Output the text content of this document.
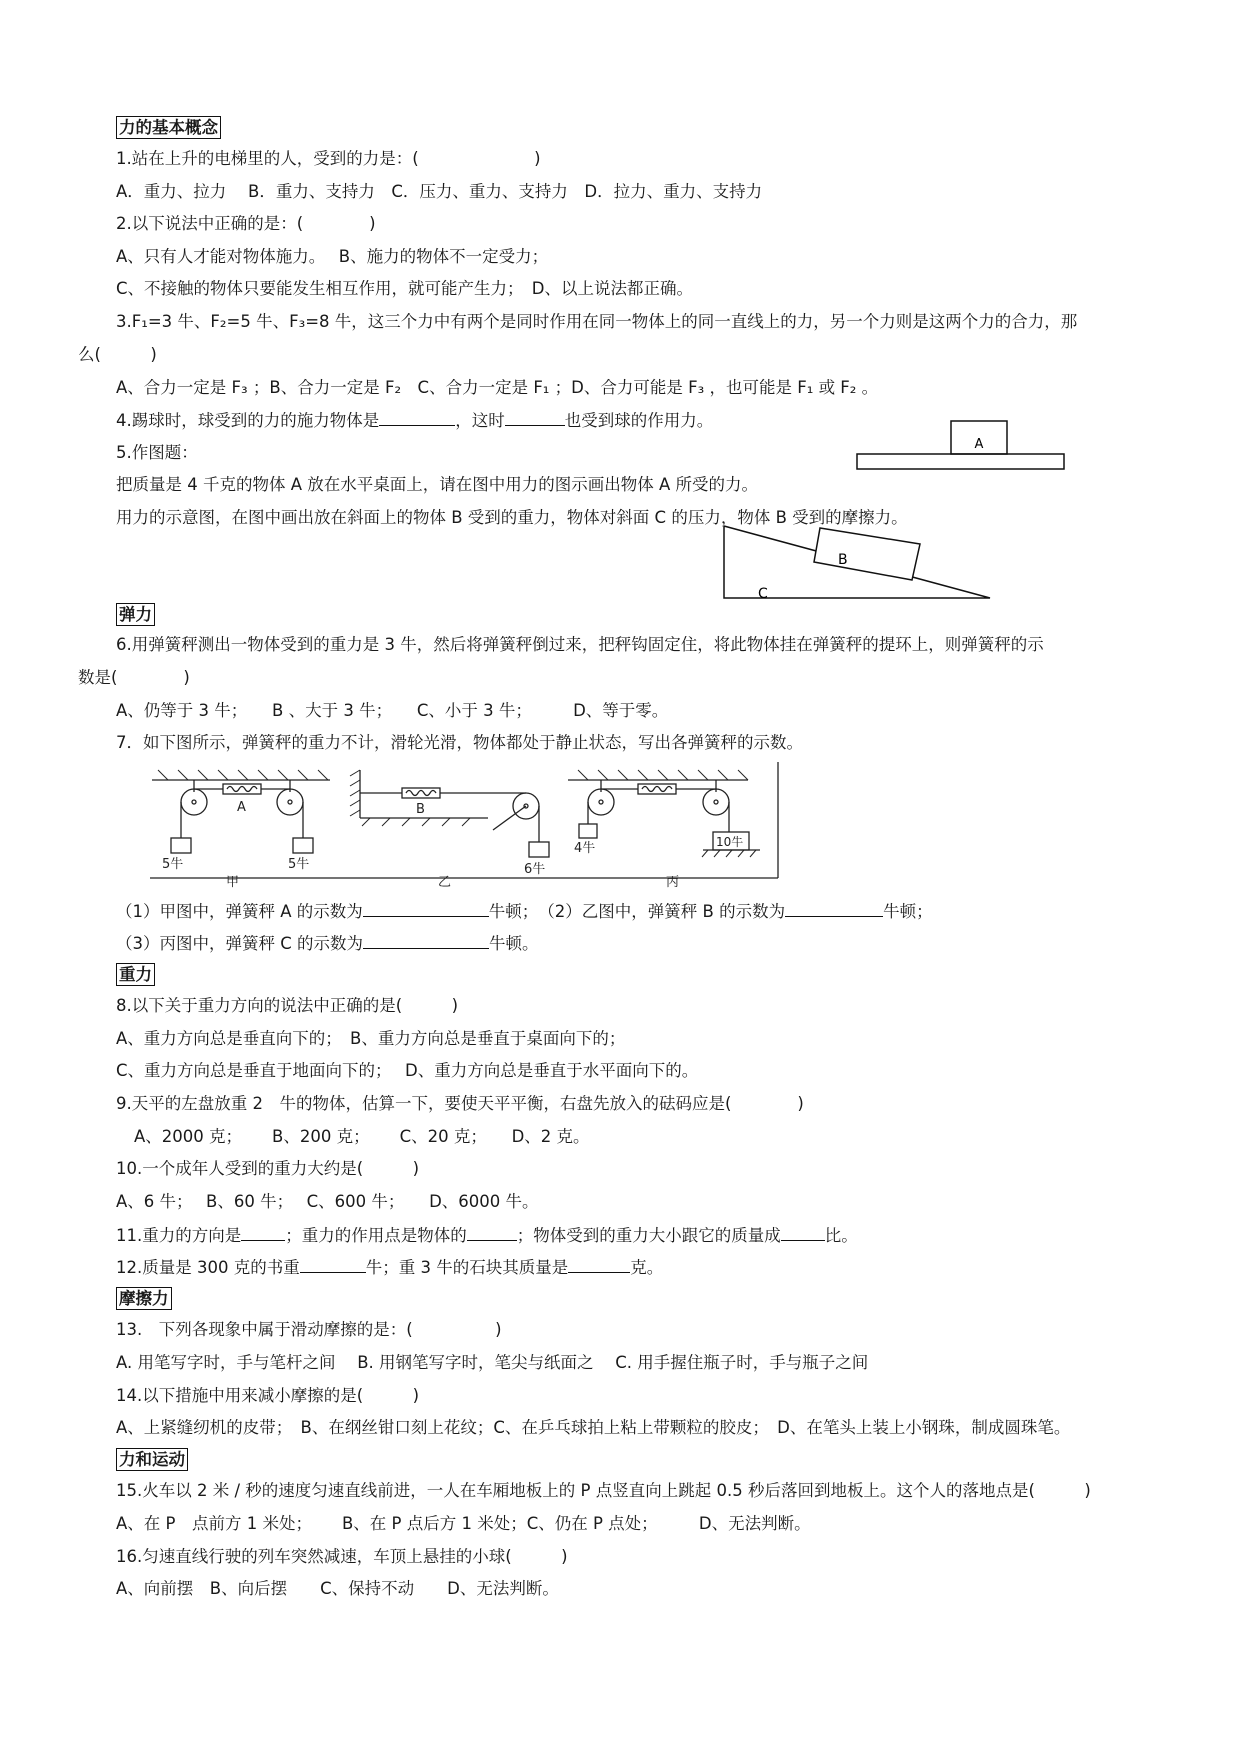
力的基本概念
1.站在上升的电梯里的人，受到的力是：(　　　　　　　)
A．重力、拉力　 B．重力、支持力　C．压力、重力、支持力　D．拉力、重力、支持力
2.以下说法中正确的是：(　　　　)
A、只有人才能对物体施力。　 B、施力的物体不一定受力；
C、不接触的物体只要能发生相互作用，就可能产生力；　D、以上说法都正确。
3.F₁=3 牛、F₂=5 牛、F₃=8 牛，这三个力中有两个是同时作用在同一物体上的同一直线上的力，另一个力则是这两个力的合力，那
么(　　　)
A、合力一定是 F₃ ；B、合力一定是 F₂　C、合力一定是 F₁ ；D、合力可能是 F₃ ，也可能是 F₁ 或 F₂ 。
4.踢球时，球受到的力的施力物体是	，这时	也受到球的作用力。
5.作图题：
把质量是 4 千克的物体 A 放在水平桌面上，请在图中用力的图示画出物体 A 所受的力。
用力的示意图，在图中画出放在斜面上的物体 B 受到的重力，物体对斜面 C 的压力，物体 B 受到的摩擦力。
A
B
C
弹力
6.用弹簧秤测出一物体受到的重力是 3 牛，然后将弹簧秤倒过来，把秤钩固定住，将此物体挂在弹簧秤的提环上，则弹簧秤的示
数是(　　　　)
A、仍等于 3 牛；　　B 、大于 3 牛；　　C、小于 3 牛；　　　D、等于零。
7．如下图所示，弹簧秤的重力不计，滑轮光滑，物体都处于静止状态，写出各弹簧秤的示数。
A	B
5牛	5牛	6牛
4牛	10牛
甲	乙	丙
（1）甲图中，弹簧秤 A 的示数为	牛顿；　（2）乙图中，弹簧秤 B 的示数为	牛顿；
（3）丙图中，弹簧秤 C 的示数为	牛顿。
重力
8.以下关于重力方向的说法中正确的是(　　　)
A、重力方向总是垂直向下的；　B、重力方向总是垂直于桌面向下的；
C、重力方向总是垂直于地面向下的；　 D、重力方向总是垂直于水平面向下的。
9.天平的左盘放重 2　牛的物体，估算一下，要使天平平衡，右盘先放入的砝码应是(　　　　)
A、2000 克；　　 B、200 克；　　 C、20 克；　　D、2 克。
10.一个成年人受到的重力大约是(　　　)
A、6 牛；　 B、60 牛；　 C、600 牛；　　D、6000 牛。
11.重力的方向是	；重力的作用点是物体的	；物体受到的重力大小跟它的质量成	比。
12.质量是 300 克的书重	牛；重 3 牛的石块其质量是	克。
摩擦力
13.　下列各现象中属于滑动摩擦的是：(　　　　　)
A. 用笔写字时，手与笔杆之间　 B. 用钢笔写字时，笔尖与纸面之　 C. 用手握住瓶子时，手与瓶子之间
14.以下措施中用来减小摩擦的是(　　　)
A、上紧缝纫机的皮带；　B、在纲丝钳口刻上花纹；C、在乒乓球拍上粘上带颗粒的胶皮；　D、在笔头上装上小钢珠，制成圆珠笔。
力和运动
15.火车以 2 米 / 秒的速度匀速直线前进，一人在车厢地板上的 P 点竖直向上跳起 0.5 秒后落回到地板上。这个人的落地点是(　　　)
A、在 P　点前方 1 米处；　　 B、在 P 点后方 1 米处；C、仍在 P 点处；　　　D、无法判断。
16.匀速直线行驶的列车突然减速，车顶上悬挂的小球(　　　)
A、向前摆　B、向后摆　　C、保持不动　　D、无法判断。
